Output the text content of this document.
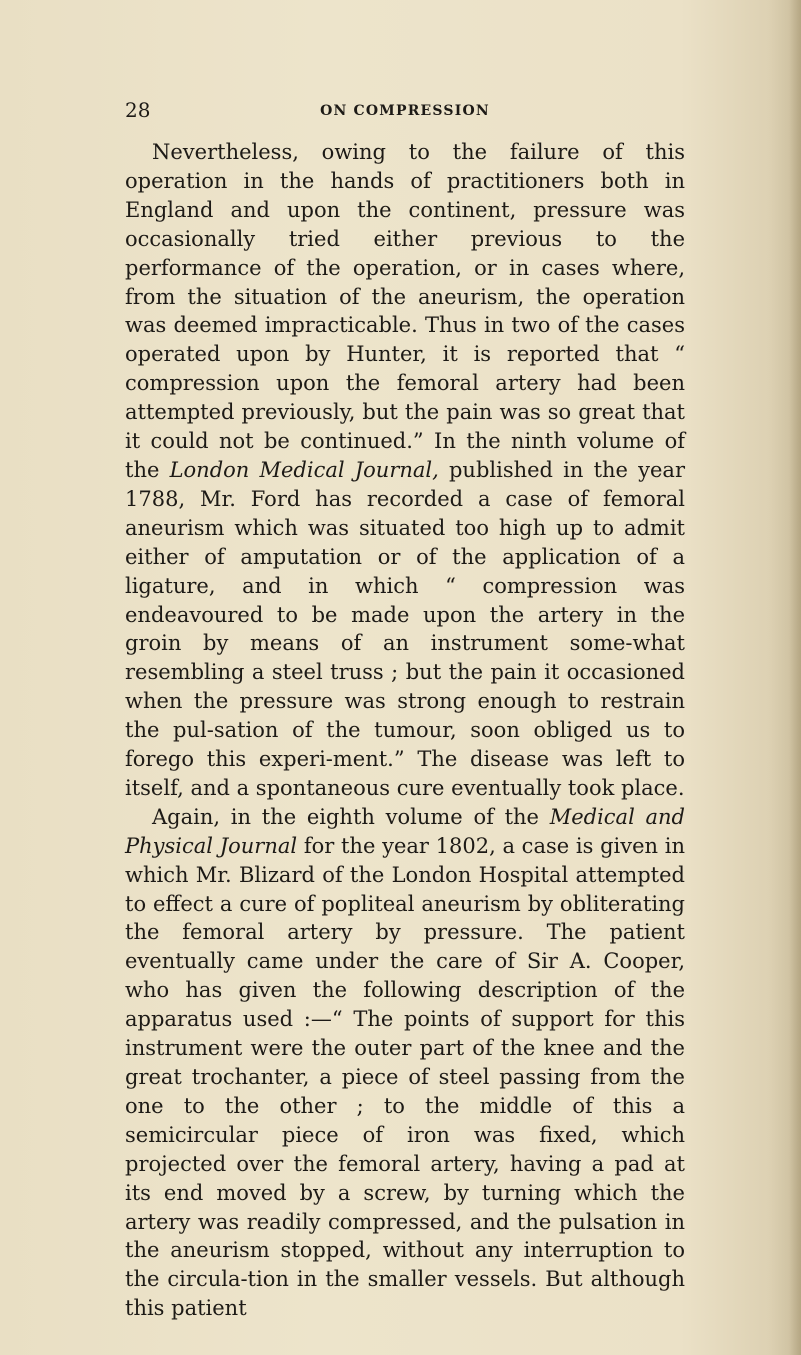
28	ON COMPRESSION

Nevertheless, owing to the failure of this operation in the hands of practitioners both in England and upon the continent, pressure was occasionally tried either previous to the performance of the operation, or in cases where, from the situation of the aneurism, the operation was deemed impracticable. Thus in two of the cases operated upon by Hunter, it is reported that “ compression upon the femoral artery had been attempted previously, but the pain was so great that it could not be continued.” In the ninth volume of the London Medical Journal, published in the year 1788, Mr. Ford has recorded a case of femoral aneurism which was situated too high up to admit either of amputation or of the application of a ligature, and in which “ compression was endeavoured to be made upon the artery in the groin by means of an instrument some-what resembling a steel truss ; but the pain it occasioned when the pressure was strong enough to restrain the pul-sation of the tumour, soon obliged us to forego this experi-ment.” The disease was left to itself, and a spontaneous cure eventually took place.

Again, in the eighth volume of the Medical and Physical Journal for the year 1802, a case is given in which Mr. Blizard of the London Hospital attempted to effect a cure of popliteal aneurism by obliterating the femoral artery by pressure. The patient eventually came under the care of Sir A. Cooper, who has given the following description of the apparatus used :—“ The points of support for this instrument were the outer part of the knee and the great trochanter, a piece of steel passing from the one to the other ; to the middle of this a semicircular piece of iron was fixed, which projected over the femoral artery, having a pad at its end moved by a screw, by turning which the artery was readily compressed, and the pulsation in the aneurism stopped, without any interruption to the circula-tion in the smaller vessels. But although this patient
